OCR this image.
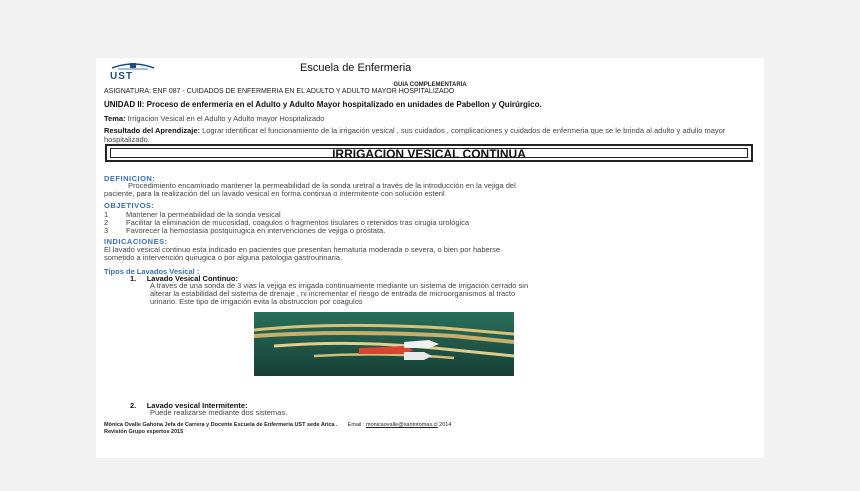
UST
Escuela de Enfermeria
GUIA COMPLEMENTARIA
ASIGNATURA: ENF 087 - CUIDADOS DE ENFERMERIA EN EL ADULTO Y ADULTO MAYOR HOSPITALIZADO
UNIDAD II: Proceso de enfermeria en el Adulto y Adulto Mayor hospitalizado en unidades de Pabellon y Quirúrgico.
Tema: Irrigacion Vesical en el Adulto y Adulto mayor Hospitalizado
Resultado del Aprendizaje: Lograr identificar el funcionamiento de la irrigación vesical , sus cuidados , complicaciones y cuidados de enfermeria que se le brinda al adulto y adullo mayor hospitalizado.
IRRIGACION VESICAL CONTINUA
DEFINICION:
Procedimiento encaminado mantener la permeabilidad de la sonda uretral a través de la introducción en la vejiga del
paciente, para la realización del un lavado vesical en forma continua o intermitente con solución esteril
OBJETIVOS:
1 Mantener la permeabilidad de la sonda vesical
2 Facilitar la eliminación de mucosidad, coagulos o fragmentos tisulares o retenidos tras cirugia urológica
3 Favorecer la hemostasia postquirugica en intervenciones de vejiga o próstata.
INDICACIONES:
El lavado vesical continuo esta indicado en pacientes que presentan hematuria moderada o severa, o bien por haberse
sometido a intervención quirugica o por alguna patologia gastrourinaria.
Tipos de Lavados Vesical :
1. Lavado Vesical Continuo:
A traves de una sonda de 3 vias la vejiga es irrigada continuamente mediante un sistema de irrigación cerrado sin
alterar la estabilidad del sistema de drenaje , ni incrementar el riesgo de entrada de microorganismos al tracto
urinario. Este tipo de irrigación evita la obstruccion por coagulos
2. Lavado vesical Intermitente:
Puede realizarse mediante dos sistemas.
Mónica Ovalle Gahona Jefa de Carrera y Docente Escuela de Enfermería UST sede Arica . Email : monicaovalle@santotomas.cl 2014
Revisión Grupo expertos 2015
